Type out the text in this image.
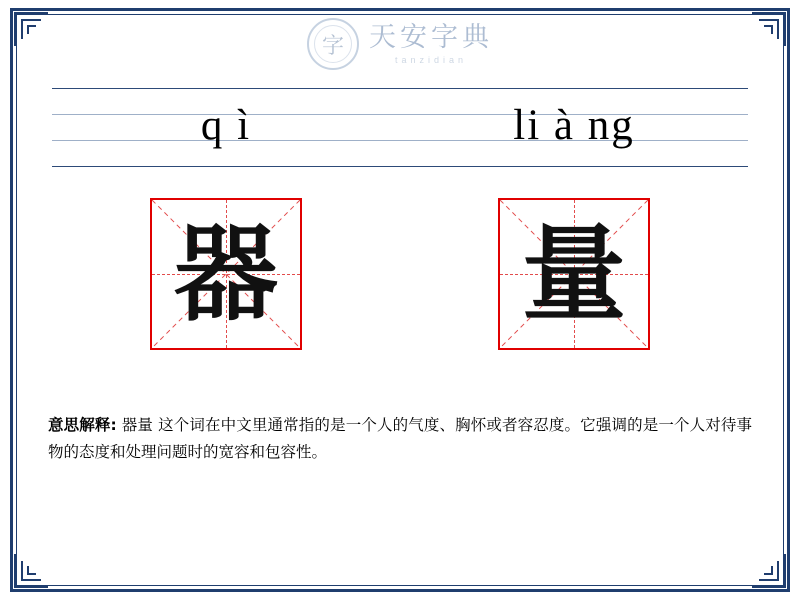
字 天安字典
tanzidian
q ì	li à ng
器 量
意思解释: 器量 这个词在中文里通常指的是一个人的气度、胸怀或者容忍度。它强调的是一个人对待事物的态度和处理问题时的宽容和包容性。
